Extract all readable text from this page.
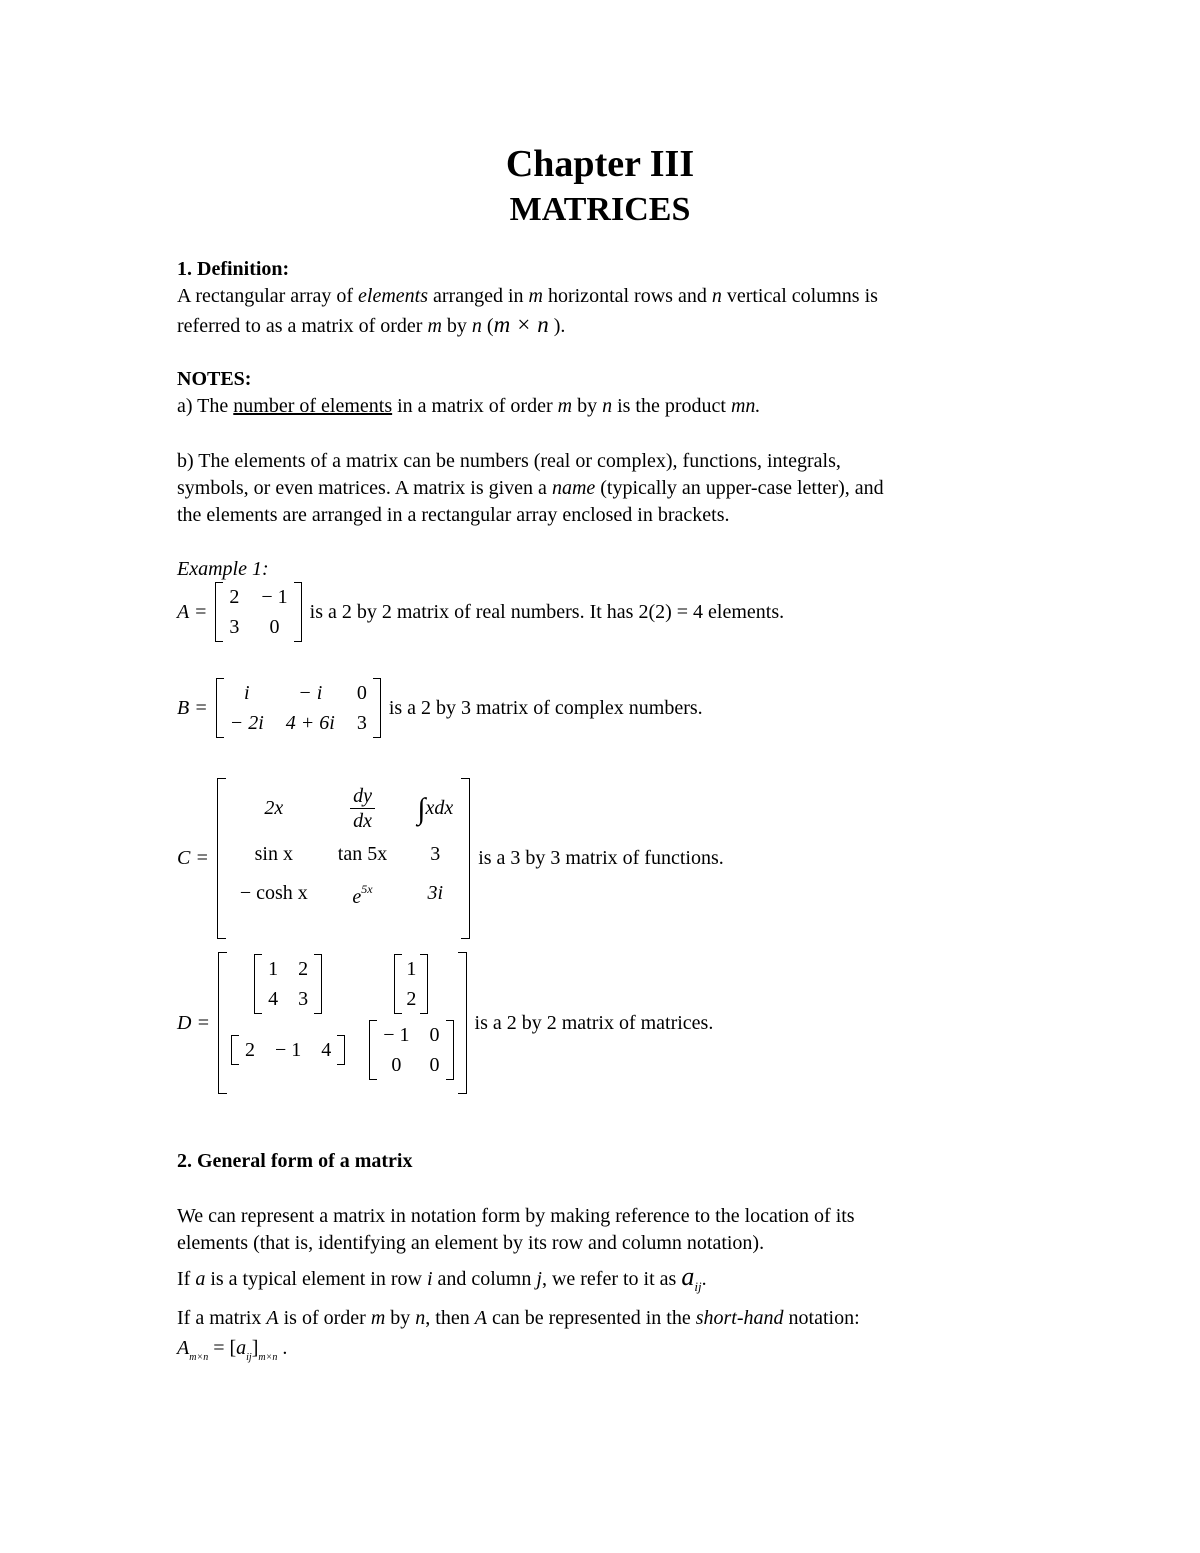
Chapter III
MATRICES
1. Definition:
A rectangular array of elements arranged in m horizontal rows and n vertical columns is
referred to as a matrix of order m by n (m × n ).
NOTES:
a) The number of elements in a matrix of order m by n is the product mn.
b) The elements of a matrix can be numbers (real or complex), functions, integrals,
symbols, or even matrices. A matrix is given a name (typically an upper-case letter), and
the elements are arranged in a rectangular array enclosed in brackets.
Example 1:
A =
2 − 1
3 0
is a 2 by 2 matrix of real numbers. It has 2(2) = 4 elements.
B =
i − i 0
− 2i 4 + 6i 3
is a 2 by 3 matrix of complex numbers.
C =
2x	$\frac{dy}{dx} \int xdx$
sin x tan 5x 3
− cosh x $e^{5x}$	3i
is a 3 by 3 matrix of functions.
D =
1 2
4 3
1
2
2 − 1 4
− 1 0
0 0
is a 2 by 2 matrix of matrices.
2. General form of a matrix
We can represent a matrix in notation form by making reference to the location of its
elements (that is, identifying an element by its row and column notation).
If a is a typical element in row i and column j, we refer to it as $a_{ij}$.
If a matrix A is of order m by n, then A can be represented in the short-hand notation:
$A_{m\times n} = [a_{ij}]_{m\times n}$ .
